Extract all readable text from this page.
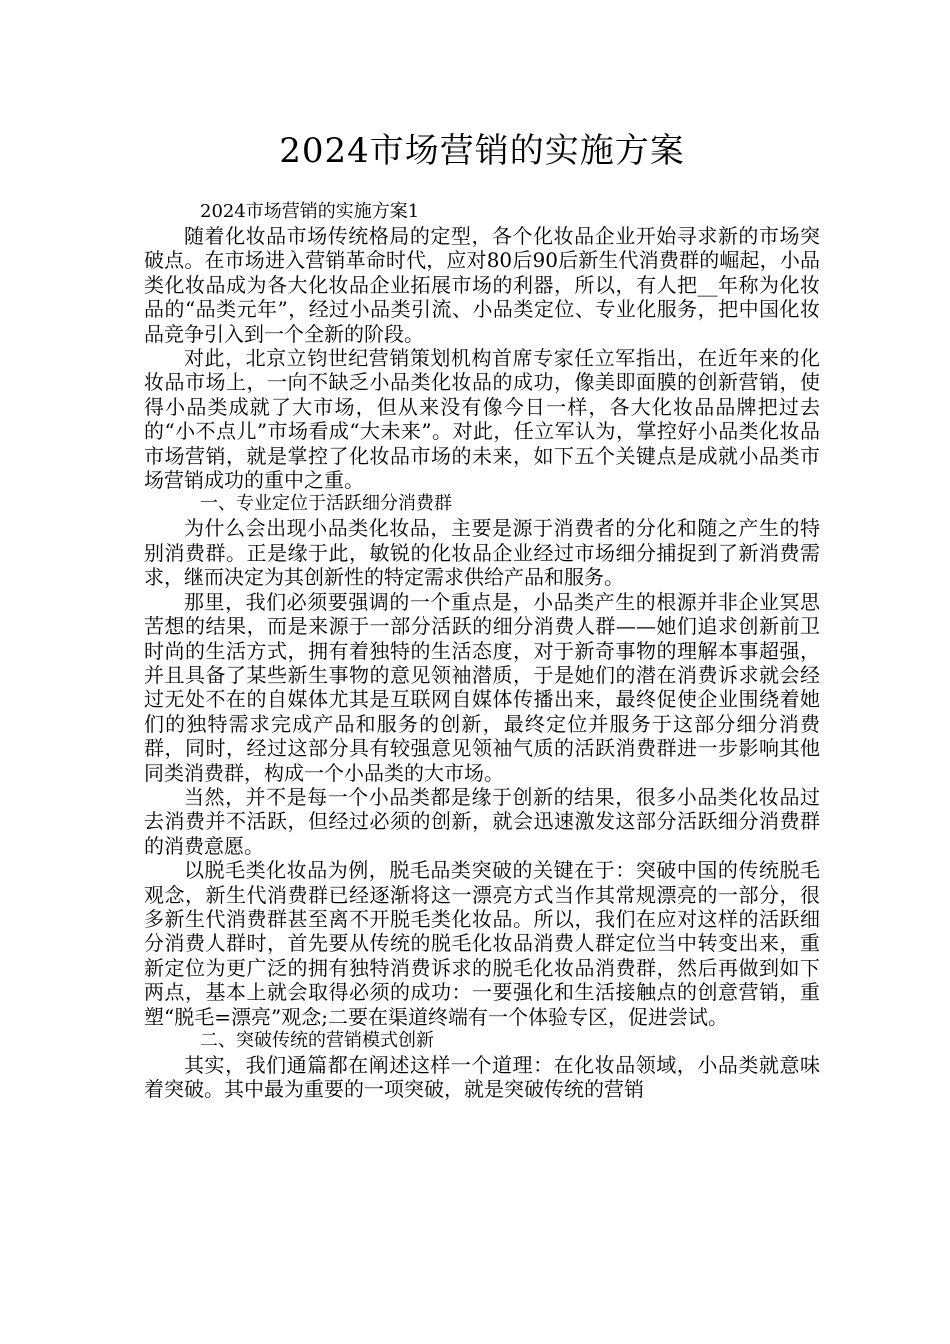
2024市场营销的实施方案

2024市场营销的实施方案1

随着化妆品市场传统格局的定型，各个化妆品企业开始寻求新的市场突破点。在市场进入营销革命时代，应对80后90后新生代消费群的崛起，小品类化妆品成为各大化妆品企业拓展市场的利器，所以，有人把__年称为化妆品的“品类元年”，经过小品类引流、小品类定位、专业化服务，把中国化妆品竞争引入到一个全新的阶段。

对此，北京立钧世纪营销策划机构首席专家任立军指出，在近年来的化妆品市场上，一向不缺乏小品类化妆品的成功，像美即面膜的创新营销，使得小品类成就了大市场，但从来没有像今日一样，各大化妆品品牌把过去的“小不点儿”市场看成“大未来”。对此，任立军认为，掌控好小品类化妆品市场营销，就是掌控了化妆品市场的未来，如下五个关键点是成就小品类市场营销成功的重中之重。

一、专业定位于活跃细分消费群

为什么会出现小品类化妆品，主要是源于消费者的分化和随之产生的特别消费群。正是缘于此，敏锐的化妆品企业经过市场细分捕捉到了新消费需求，继而决定为其创新性的特定需求供给产品和服务。

那里，我们必须要强调的一个重点是，小品类产生的根源并非企业冥思苦想的结果，而是来源于一部分活跃的细分消费人群——她们追求创新前卫时尚的生活方式，拥有着独特的生活态度，对于新奇事物的理解本事超强，并且具备了某些新生事物的意见领袖潜质，于是她们的潜在消费诉求就会经过无处不在的自媒体尤其是互联网自媒体传播出来，最终促使企业围绕着她们的独特需求完成产品和服务的创新，最终定位并服务于这部分细分消费群，同时，经过这部分具有较强意见领袖气质的活跃消费群进一步影响其他同类消费群，构成一个小品类的大市场。

当然，并不是每一个小品类都是缘于创新的结果，很多小品类化妆品过去消费并不活跃，但经过必须的创新，就会迅速激发这部分活跃细分消费群的消费意愿。

以脱毛类化妆品为例，脱毛品类突破的关键在于：突破中国的传统脱毛观念，新生代消费群已经逐渐将这一漂亮方式当作其常规漂亮的一部分，很多新生代消费群甚至离不开脱毛类化妆品。所以，我们在应对这样的活跃细分消费人群时，首先要从传统的脱毛化妆品消费人群定位当中转变出来，重新定位为更广泛的拥有独特消费诉求的脱毛化妆品消费群，然后再做到如下两点，基本上就会取得必须的成功：一要强化和生活接触点的创意营销，重塑“脱毛=漂亮”观念;二要在渠道终端有一个体验专区，促进尝试。

二、突破传统的营销模式创新

其实，我们通篇都在阐述这样一个道理：在化妆品领域，小品类就意味着突破。其中最为重要的一项突破，就是突破传统的营销
